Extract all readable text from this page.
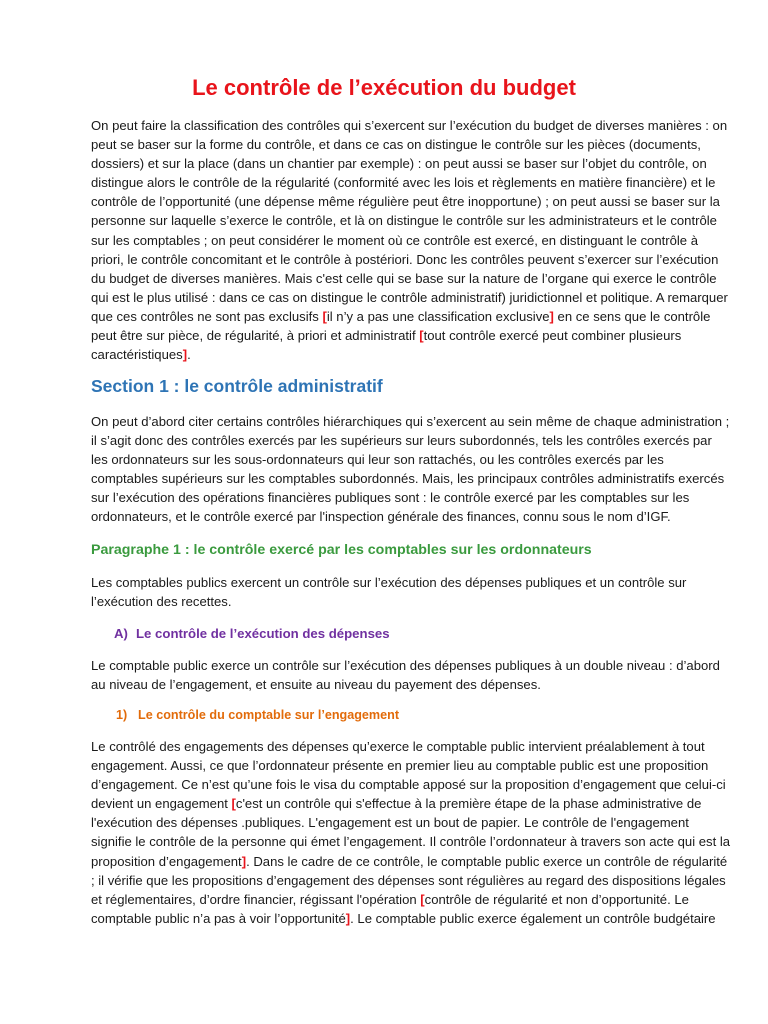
Le contrôle de l’exécution du budget

On peut faire la classification des contrôles qui s’exercent sur l’exécution du budget de diverses manières : on peut se baser sur la forme du contrôle, et dans ce cas on distingue le contrôle sur les pièces (documents, dossiers) et sur la place (dans un chantier par exemple) : on peut aussi se baser sur l’objet du contrôle, on distingue alors le contrôle de la régularité (conformité avec les lois et règlements en matière financière) et le contrôle de l’opportunité (une dépense même régulière peut être inopportune) ; on peut aussi se baser sur la personne sur laquelle s’exerce le contrôle, et là on distingue le contrôle sur les administrateurs et le contrôle sur les comptables ; on peut considérer le moment où ce contrôle est exercé, en distinguant le contrôle à priori, le contrôle concomitant et le contrôle à postériori. Donc les contrôles peuvent s’exercer sur l’exécution du budget de diverses manières. Mais c'est celle qui se base sur la nature de l’organe qui exerce le contrôle qui est le plus utilisé : dans ce cas on distingue le contrôle administratif) juridictionnel et politique. A remarquer que ces contrôles ne sont pas exclusifs [il n’y a pas une classification exclusive] en ce sens que le contrôle peut être sur pièce, de régularité, à priori et administratif [tout contrôle exercé peut combiner plusieurs caractéristiques].

Section 1 : le contrôle administratif

On peut d’abord citer certains contrôles hiérarchiques qui s’exercent au sein même de chaque administration ; il s’agit donc des contrôles exercés par les supérieurs sur leurs subordonnés, tels les contrôles exercés par les ordonnateurs sur les sous-ordonnateurs qui leur son rattachés, ou les contrôles exercés par les comptables supérieurs sur les comptables subordonnés. Mais, les principaux contrôles administratifs exercés sur l’exécution des opérations financières publiques sont : le contrôle exercé par les comptables sur les ordonnateurs, et le contrôle exercé par l'inspection générale des finances, connu sous le nom d’IGF.

Paragraphe 1 : le contrôle exercé par les comptables sur les ordonnateurs

Les comptables publics exercent un contrôle sur l’exécution des dépenses publiques et un contrôle sur l’exécution des recettes.

A) Le contrôle de l’exécution des dépenses

Le comptable public exerce un contrôle sur l’exécution des dépenses publiques à un double niveau : d’abord au niveau de l’engagement, et ensuite au niveau du payement des dépenses.

1) Le contrôle du comptable sur l’engagement

Le contrôlé des engagements des dépenses qu’exerce le comptable public intervient préalablement à tout engagement. Aussi, ce que l’ordonnateur présente en premier lieu au comptable public est une proposition d’engagement. Ce n’est qu’une fois le visa du comptable apposé sur la proposition d’engagement que celui-ci devient un engagement [c'est un contrôle qui s'effectue à la première étape de la phase administrative de l'exécution des dépenses .publiques. L'engagement est un bout de papier. Le contrôle de l'engagement signifie le contrôle de la personne qui émet l’engagement. Il contrôle l’ordonnateur à travers son acte qui est la proposition d’engagement]. Dans le cadre de ce contrôle, le comptable public exerce un contrôle de régularité ; il vérifie que les propositions d’engagement des dépenses sont régulières au regard des dispositions légales et réglementaires, d’ordre financier, régissant l'opération [contrôle de régularité et non d’opportunité. Le comptable public n’a pas à voir l’opportunité]. Le comptable public exerce également un contrôle budgétaire
